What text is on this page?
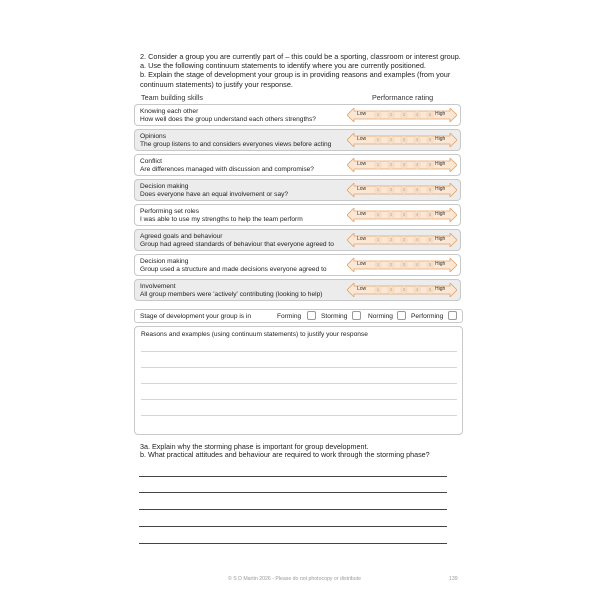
2. Consider a group you are currently part of – this could be a sporting, classroom or interest group.
a. Use the following continuum statements to identify where you are currently positioned.
b. Explain the stage of development your group is in providing reasons and examples (from your
continuum statements) to justify your response.
Team building skills	Performance rating
Knowing each other
How well does the group understand each others strengths?
Low	1	2	3	4	5 High
Opinions
The group listens to and considers everyones views before acting
Low	1	2	3	4	5 High
Conflict
Are differences managed with discussion and compromise?
Low	1	2	3	4	5 High
Decision making
Does everyone have an equal involvement or say?
Low	1	2	3	4	5 High
Performing set roles
I was able to use my strengths to help the team perform
Low	1	2	3	4	5 High
Agreed goals and behaviour
Group had agreed standards of behaviour that everyone agreed to
Low	1	2	3	4	5 High
Decision making
Group used a structure and made decisions everyone agreed to
Low	1	2	3	4	5 High
Involvement
All group members were 'actively' contributing (looking to help)
Low	1	2	3	4	5 High
Stage of development your group is in	Forming	Storming	Norming	Performing
Reasons and examples (using continuum statements) to justify your response
3a. Explain why the storming phase is important for group development.
b. What practical attitudes and behaviour are required to work through the storming phase?
© S D Martin 2026 - Please do not photocopy or distribute	139
